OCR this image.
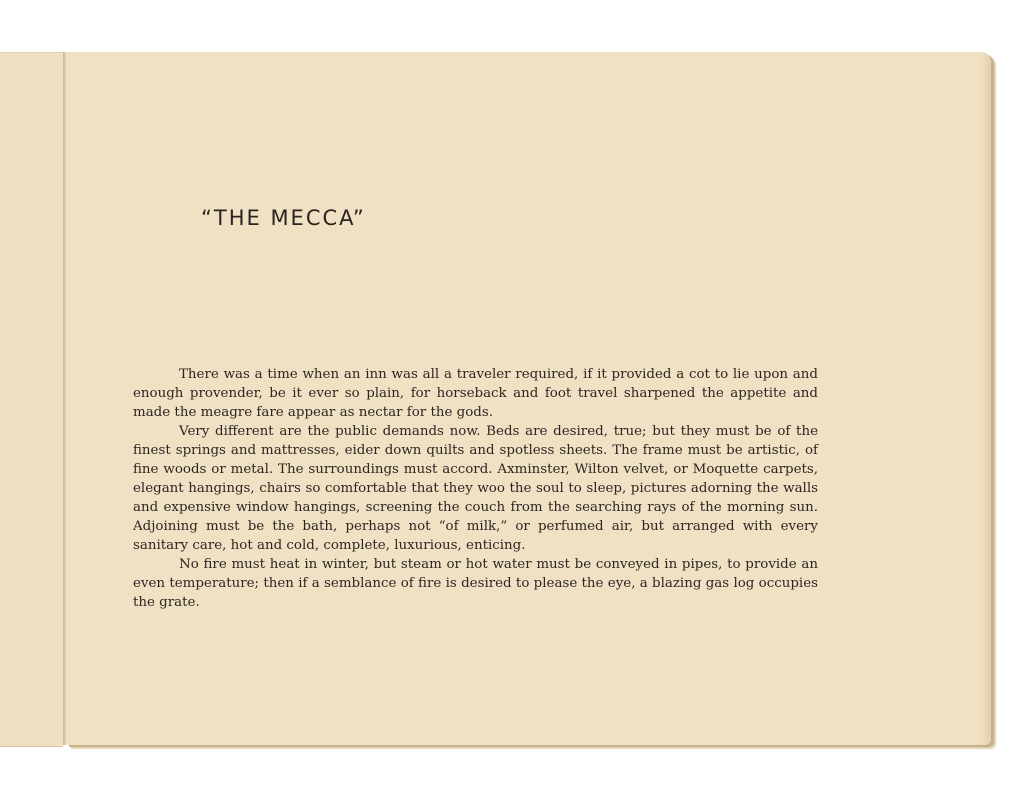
“THE MECCA”

There was a time when an inn was all a traveler required, if it provided a cot to lie upon and enough provender, be it ever so plain, for horseback and foot travel sharpened the appetite and made the meagre fare appear as nectar for the gods.

Very different are the public demands now. Beds are desired, true; but they must be of the finest springs and mattresses, eider down quilts and spotless sheets. The frame must be artistic, of fine woods or metal. The surroundings must accord. Axminster, Wilton velvet, or Moquette carpets, elegant hangings, chairs so comfortable that they woo the soul to sleep, pictures adorning the walls and expensive window hangings, screening the couch from the searching rays of the morning sun. Adjoining must be the bath, perhaps not “of milk,” or perfumed air, but arranged with every sanitary care, hot and cold, complete, luxurious, enticing.

No fire must heat in winter, but steam or hot water must be conveyed in pipes, to provide an even temperature; then if a semblance of fire is desired to please the eye, a blazing gas log occupies the grate.
